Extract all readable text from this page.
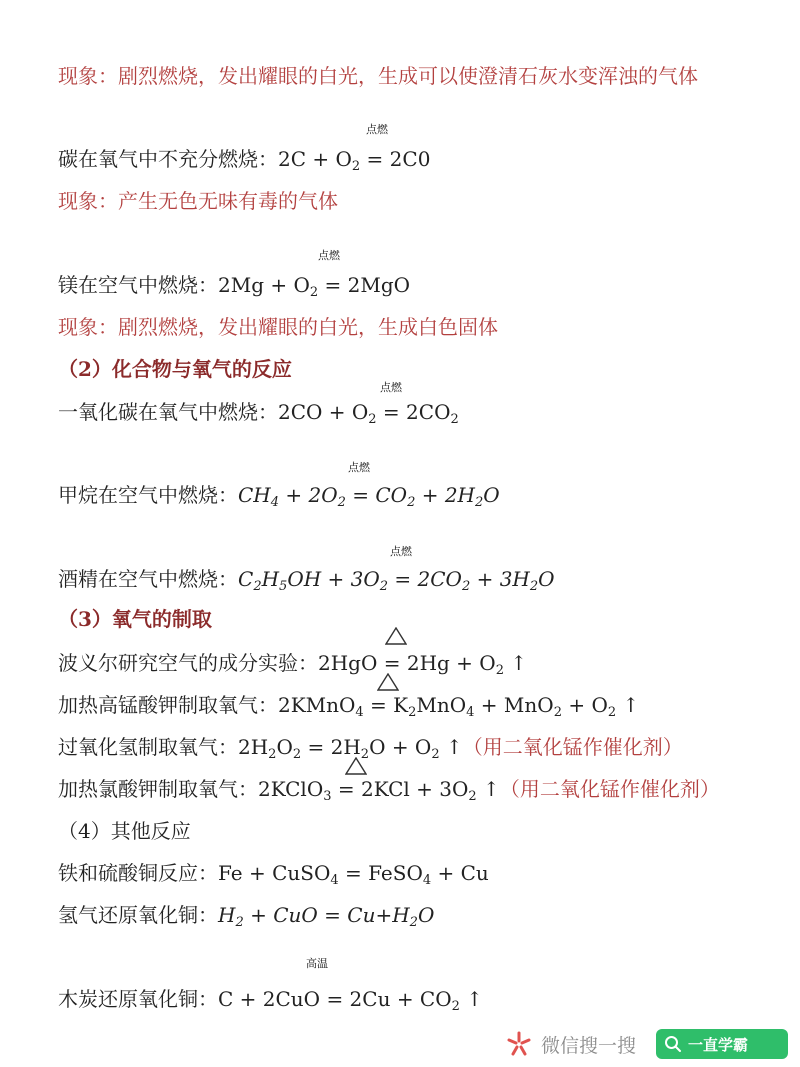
现象：剧烈燃烧，发出耀眼的白光，生成可以使澄清石灰水变浑浊的气体
点燃
碳在氧气中不充分燃烧：$2C + O_2 = 2C0$
现象：产生无色无味有毒的气体
点燃
镁在空气中燃烧：$2Mg + O_2 = 2MgO$
现象：剧烈燃烧，发出耀眼的白光，生成白色固体
（2）化合物与氧气的反应
点燃
一氧化碳在氧气中燃烧：$2CO + O_2 = 2CO_2$
点燃
甲烷在空气中燃烧：$CH_4 + 2O_2 = CO_2 + 2H_2O$
点燃
酒精在空气中燃烧：$C_2H_5OH + 3O_2 = 2CO_2 + 3H_2O$
（3）氧气的制取
波义尔研究空气的成分实验：$2HgO = 2Hg + O_2$ ↑
加热高锰酸钾制取氧气：2KMnO$_4$ = $K_2MnO_4 + MnO_2 + O_2$ ↑
过氧化氢制取氧气：$2H_2O_2 = 2H_2O + O_2$ ↑（用二氧化锰作催化剂）
加热氯酸钾制取氧气：2KClO$_3$ = $2KCl + 3O_2$ ↑（用二氧化锰作催化剂）
（4）其他反应
铁和硫酸铜反应：Fe + CuSO$_4$ = FeSO$_4$ + Cu
氢气还原氧化铜：$H_2$ + CuO = $Cu+H_2O$
高温
木炭还原氧化铜：$C + 2CuO = 2Cu + CO_2$ ↑
微信搜一搜	一直学霸
